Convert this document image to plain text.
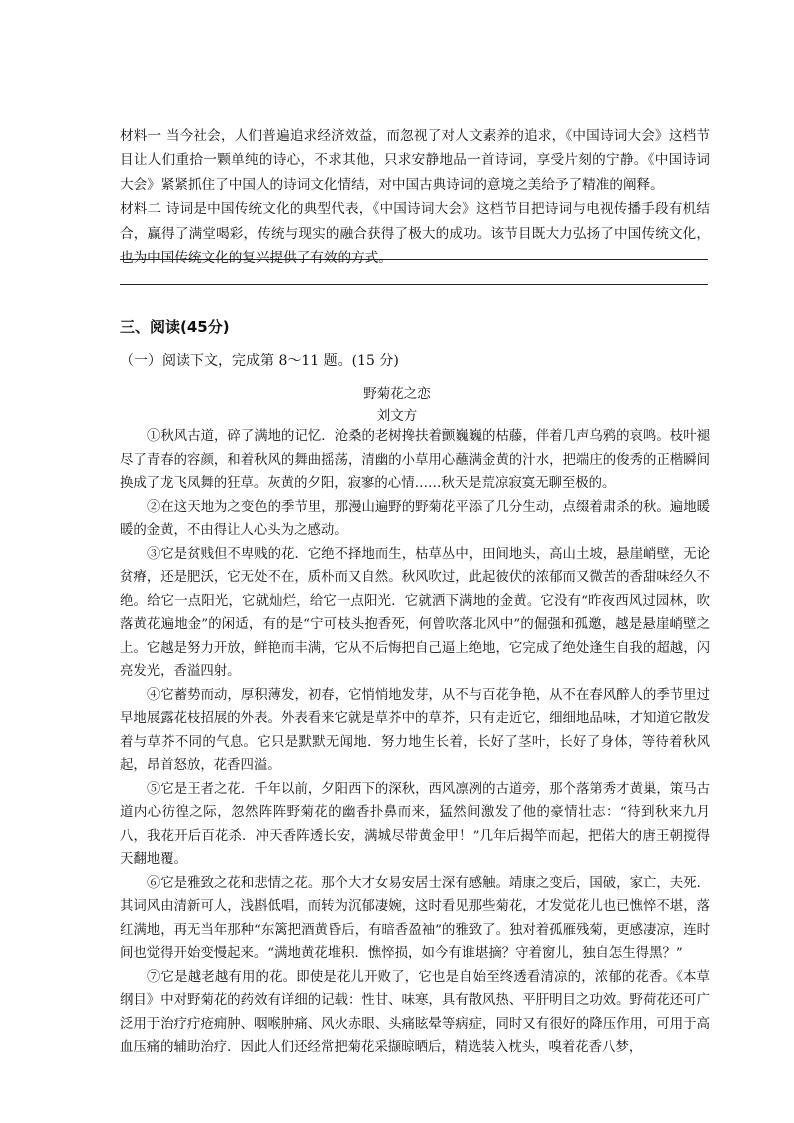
材料一 当今社会，人们普遍追求经济效益，而忽视了对人文素养的追求，《中国诗词大会》这档节目让人们重拾一颗单纯的诗心，不求其他，只求安静地品一首诗词，享受片刻的宁静。《中国诗词大会》紧紧抓住了中国人的诗词文化情结，对中国古典诗词的意境之美给予了精准的阐释。

材料二 诗词是中国传统文化的典型代表，《中国诗词大会》这档节目把诗词与电视传播手段有机结合，赢得了满堂喝彩，传统与现实的融合获得了极大的成功。该节目既大力弘扬了中国传统文化，也为中国传统文化的复兴提供了有效的方式。

三、阅读(45分)

（一）阅读下文，完成第 8～11 题。(15 分)

野菊花之恋

刘文方

①秋风古道，碎了满地的记忆．沧桑的老树搀扶着颤巍巍的枯藤，伴着几声乌鸦的哀鸣。枝叶褪尽了青春的容颜，和着秋风的舞曲摇荡，清幽的小草用心蘸满金黄的汁水，把端庄的俊秀的正楷瞬间换成了龙飞凤舞的狂草。灰黄的夕阳，寂寥的心情……秋天是荒凉寂寞无聊至极的。

②在这天地为之变色的季节里，那漫山遍野的野菊花平添了几分生动，点缀着肃杀的秋。遍地暖暖的金黄，不由得让人心头为之感动。

③它是贫贱但不卑贱的花．它绝不择地而生，枯草丛中，田间地头，高山土坡，悬崖峭壁，无论贫瘠，还是肥沃，它无处不在，质朴而又自然。秋风吹过，此起彼伏的浓郁而又微苦的香甜味经久不绝。给它一点阳光，它就灿烂，给它一点阳光．它就洒下满地的金黄。它没有“昨夜西风过园林，吹落黄花遍地金”的闲适，有的是“宁可枝头抱香死，何曾吹落北风中”的倔强和孤邀，越是悬崖峭壁之上。它越是努力开放，鲜艳而丰满，它从不后悔把自己逼上绝地，它完成了绝处逢生自我的超越，闪亮发光，香溢四射。

④它蓄势而动，厚积薄发，初春，它悄悄地发芽，从不与百花争艳，从不在春风醉人的季节里过早地展露花枝招展的外表。外表看来它就是草芥中的草芥，只有走近它，细细地品味，才知道它散发着与草芥不同的气息。它只是默默无闻地．努力地生长着，长好了茎叶，长好了身体，等待着秋风起，昂首怒放，花香四溢。

⑤它是王者之花．千年以前，夕阳西下的深秋，西风凛冽的古道旁，那个落第秀才黄巢，策马古道内心彷徨之际，忽然阵阵野菊花的幽香扑鼻而来，猛然间激发了他的豪情壮志：“待到秋来九月八，我花开后百花杀．冲天香阵透长安，满城尽带黄金甲！”几年后揭竿而起，把偌大的唐王朝搅得天翻地覆。

⑥它是雅致之花和悲情之花。那个大才女易安居士深有感触。靖康之变后，国破，家亡，夫死．其词风由清新可人，浅斟低唱，而转为沉郁凄婉，这时看见那些菊花，才发觉花儿也已憔悴不堪，落红满地，再无当年那种“东篱把酒黄昏后，有暗香盈袖”的雅致了。独对着孤雁残菊，更感凄凉，连时间也觉得开始变慢起来。“满地黄花堆积．憔悴损，如今有谁堪摘？守着窗儿，独自怎生得黑？”

⑦它是越老越有用的花。即使是花儿开败了，它也是自始至终透看清凉的，浓郁的花香。《本草纲目》中对野菊花的药效有详细的记载：性甘、味寒，具有散风热、平肝明目之功效。野荷花还可广泛用于治疗疔疮痈肿、咽喉肿痛、风火赤眼、头痛眩晕等病症，同时又有很好的降压作用，可用于高血压痛的辅助治疗．因此人们还经常把菊花采撷晾晒后，精选装入枕头，嗅着花香八梦，
